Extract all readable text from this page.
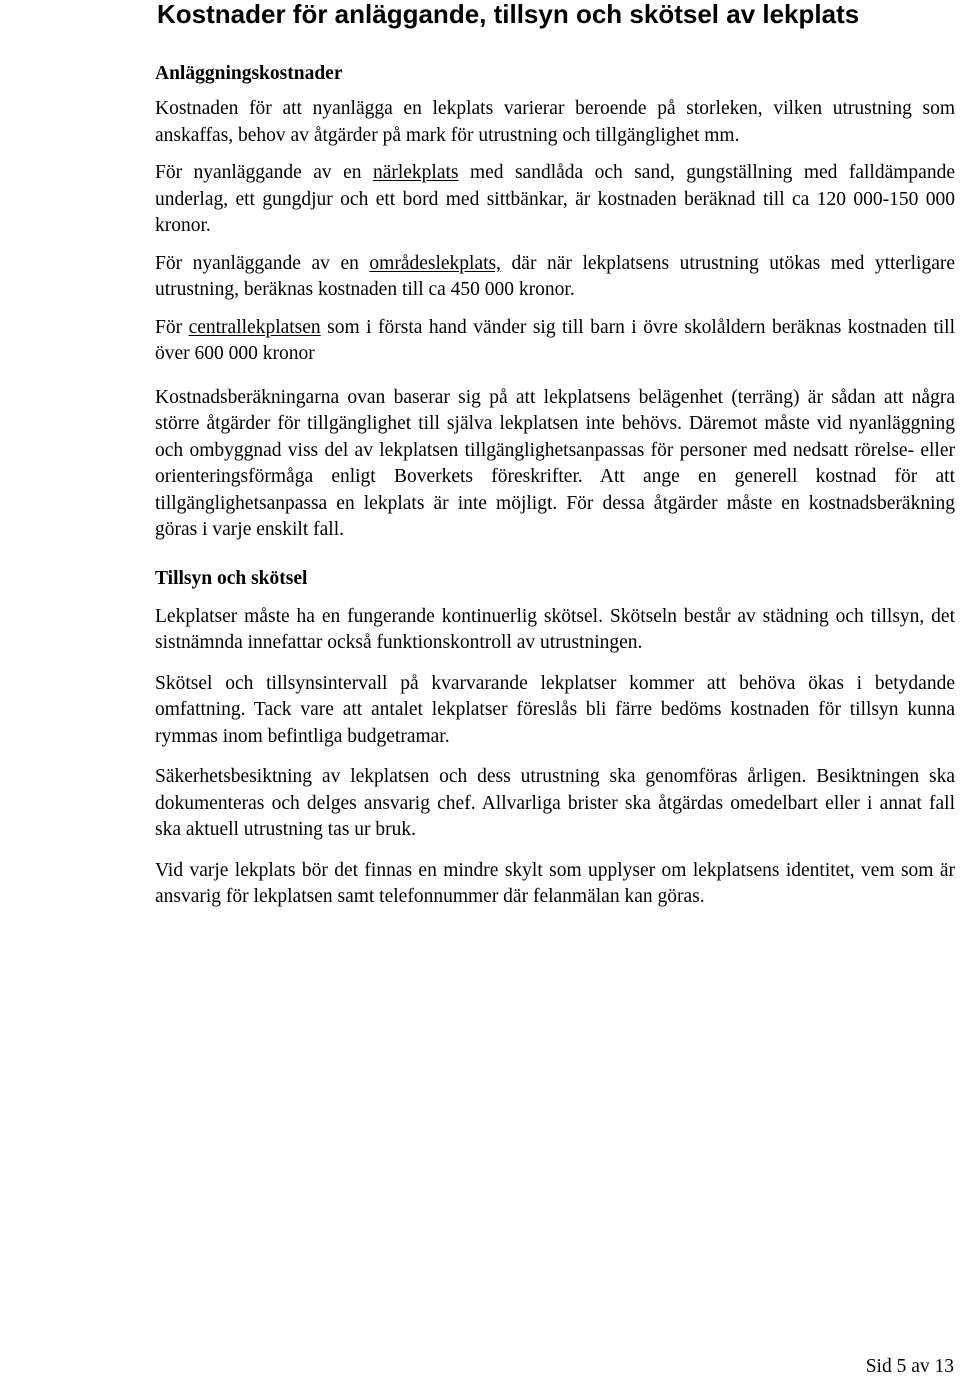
Kostnader för anläggande, tillsyn och skötsel av lekplats
Anläggningskostnader

Kostnaden för att nyanlägga en lekplats varierar beroende på storleken, vilken utrustning som anskaffas, behov av åtgärder på mark för utrustning och tillgänglighet mm.

För nyanläggande av en närlekplats med sandlåda och sand, gungställning med falldämpande underlag, ett gungdjur och ett bord med sittbänkar, är kostnaden beräknad till ca 120 000-150 000 kronor.

För nyanläggande av en områdeslekplats, där när lekplatsens utrustning utökas med ytterligare utrustning, beräknas kostnaden till ca 450 000 kronor.

För centrallekplatsen som i första hand vänder sig till barn i övre skolåldern beräknas kostnaden till över 600 000 kronor

Kostnadsberäkningarna ovan baserar sig på att lekplatsens belägenhet (terräng) är sådan att några större åtgärder för tillgänglighet till själva lekplatsen inte behövs. Däremot måste vid nyanläggning och ombyggnad viss del av lekplatsen tillgänglighetsanpassas för personer med nedsatt rörelse- eller orienteringsförmåga enligt Boverkets föreskrifter. Att ange en generell kostnad för att tillgänglighetsanpassa en lekplats är inte möjligt. För dessa åtgärder måste en kostnadsberäkning göras i varje enskilt fall.

Tillsyn och skötsel

Lekplatser måste ha en fungerande kontinuerlig skötsel. Skötseln består av städning och tillsyn, det sistnämnda innefattar också funktionskontroll av utrustningen.

Skötsel och tillsynsintervall på kvarvarande lekplatser kommer att behöva ökas i betydande omfattning. Tack vare att antalet lekplatser föreslås bli färre bedöms kostnaden för tillsyn kunna rymmas inom befintliga budgetramar.

Säkerhetsbesiktning av lekplatsen och dess utrustning ska genomföras årligen. Besiktningen ska dokumenteras och delges ansvarig chef. Allvarliga brister ska åtgärdas omedelbart eller i annat fall ska aktuell utrustning tas ur bruk.

Vid varje lekplats bör det finnas en mindre skylt som upplyser om lekplatsens identitet, vem som är ansvarig för lekplatsen samt telefonnummer där felanmälan kan göras.

Sid 5 av 13
